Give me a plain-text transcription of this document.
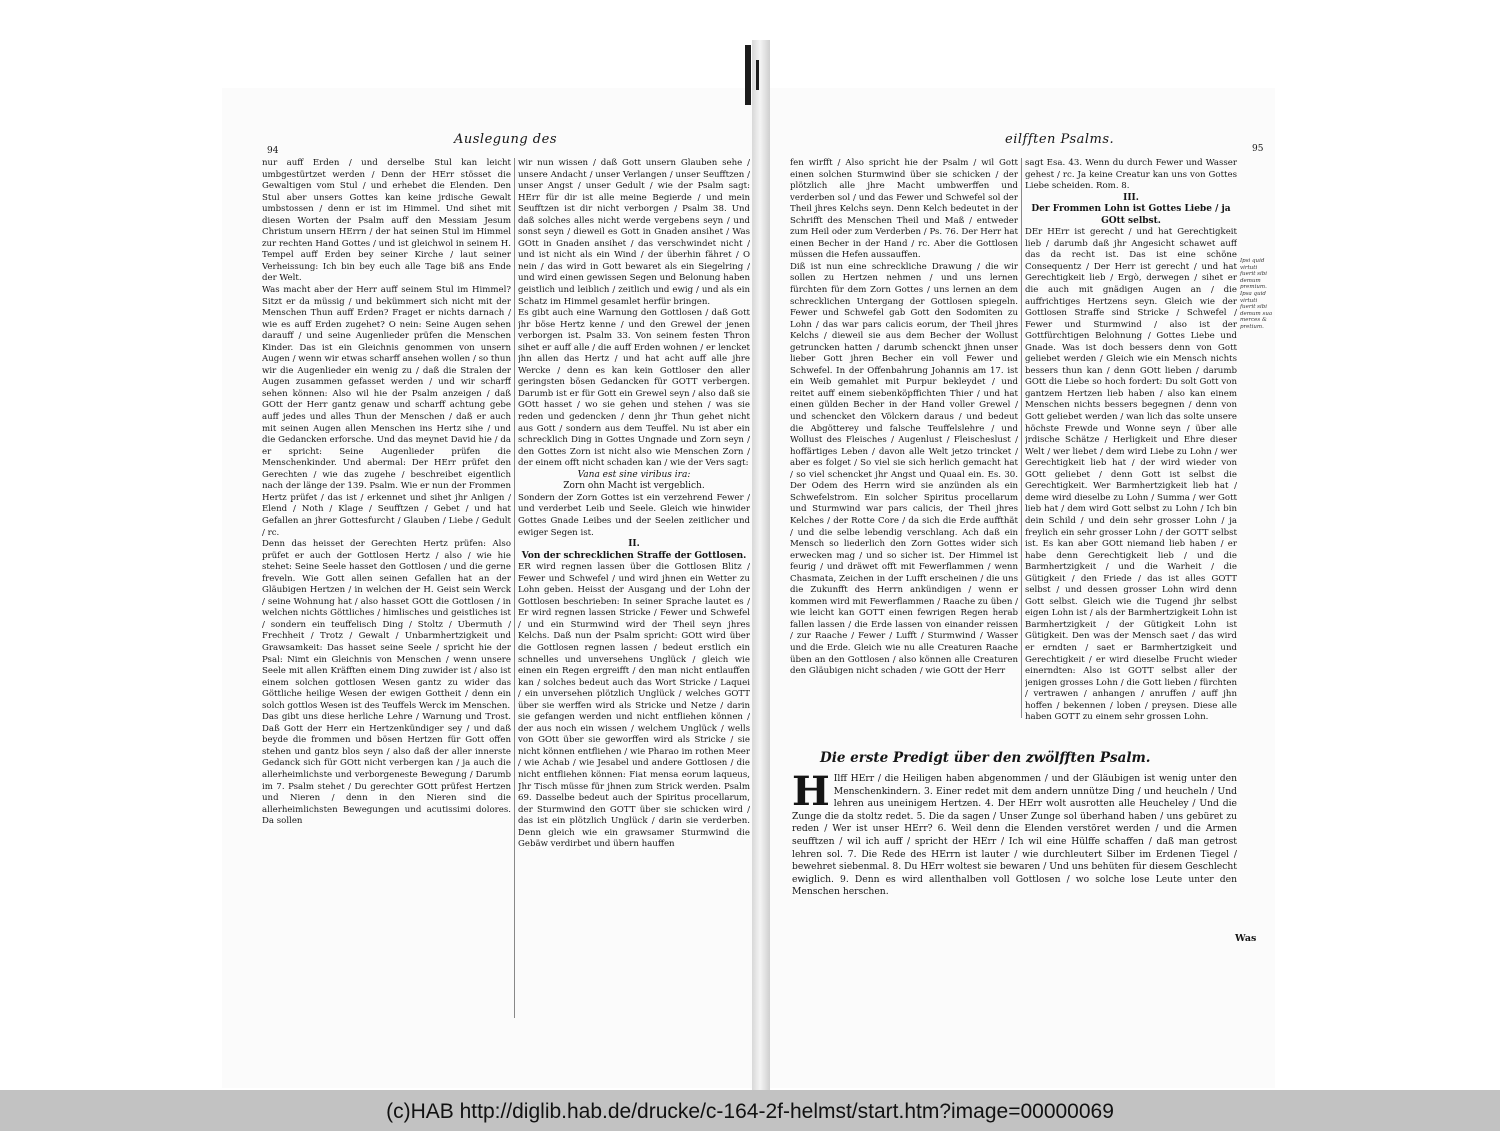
94
Auslegung des

nur auff Erden / und derselbe Stul kan leicht umbgestürtzet werden / Denn der HErr stösset die Gewaltigen vom Stul / und erhebet die Elenden. Den Stul aber unsers Gottes kan keine jrdische Gewalt umbstossen / denn er ist im Himmel. Und sihet mit diesen Worten der Psalm auff den Messiam Jesum Christum unsern HErrn / der hat seinen Stul im Himmel zur rechten Hand Gottes / und ist gleichwol in seinem H. Tempel auff Erden bey seiner Kirche / laut seiner Verheissung: Ich bin bey euch alle Tage biß ans Ende der Welt.

Was macht aber der Herr auff seinem Stul im Himmel? Sitzt er da müssig / und bekümmert sich nicht mit der Menschen Thun auff Erden? Fraget er nichts darnach / wie es auff Erden zugehet? O nein: Seine Augen sehen darauff / und seine Augenlieder prüfen die Menschen Kinder. Das ist ein Gleichnis genommen von unsern Augen / wenn wir etwas scharff ansehen wollen / so thun wir die Augenlieder ein wenig zu / daß die Stralen der Augen zusammen gefasset werden / und wir scharff sehen können: Also wil hie der Psalm anzeigen / daß GOtt der Herr gantz genaw und scharff achtung gebe auff jedes und alles Thun der Menschen / daß er auch mit seinen Augen allen Menschen ins Hertz sihe / und die Gedancken erforsche. Und das meynet David hie / da er spricht: Seine Augenlieder prüfen die Menschenkinder. Und abermal: Der HErr prüfet den Gerechten / wie das zugehe / beschreibet eigentlich nach der länge der 139. Psalm. Wie er nun der Frommen Hertz prüfet / das ist / erkennet und sihet jhr Anligen / Elend / Noth / Klage / Seufftzen / Gebet / und hat Gefallen an jhrer Gottesfurcht / Glauben / Liebe / Gedult / rc.

Denn das heisset der Gerechten Hertz prüfen: Also prüfet er auch der Gottlosen Hertz / also / wie hie stehet: Seine Seele hasset den Gottlosen / und die gerne freveln. Wie Gott allen seinen Gefallen hat an der Gläubigen Hertzen / in welchen der H. Geist sein Werck / seine Wohnung hat / also hasset GOtt die Gottlosen / in welchen nichts Göttliches / himlisches und geistliches ist / sondern ein teuffelisch Ding / Stoltz / Ubermuth / Frechheit / Trotz / Gewalt / Unbarmhertzigkeit und Grawsamkeit: Das hasset seine Seele / spricht hie der Psal: Nimt ein Gleichnis von Menschen / wenn unsere Seele mit allen Kräfften einem Ding zuwider ist / also ist einem solchen gottlosen Wesen gantz zu wider das Göttliche heilige Wesen der ewigen Gottheit / denn ein solch gottlos Wesen ist des Teuffels Werck im Menschen.

Das gibt uns diese herliche Lehre / Warnung und Trost. Daß Gott der Herr ein Hertzenkündiger sey / und daß beyde die frommen und bösen Hertzen für Gott offen stehen und gantz blos seyn / also daß der aller innerste Gedanck sich für GOtt nicht verbergen kan / ja auch die allerheimlichste und verborgeneste Bewegung / Darumb im 7. Psalm stehet / Du gerechter GOtt prüfest Hertzen und Nieren / denn in den Nieren sind die allerheimlichsten Bewegungen und acutissimi dolores. Da sollen

wir nun wissen / daß Gott unsern Glauben sehe / unsere Andacht / unser Verlangen / unser Seufftzen / unser Angst / unser Gedult / wie der Psalm sagt: HErr für dir ist alle meine Begierde / und mein Seufftzen ist dir nicht verborgen / Psalm 38. Und daß solches alles nicht werde vergebens seyn / und sonst seyn / dieweil es Gott in Gnaden ansihet / Was GOtt in Gnaden ansihet / das verschwindet nicht / und ist nicht als ein Wind / der überhin fähret / O nein / das wird in Gott bewaret als ein Siegelring / und wird einen gewissen Segen und Belonung haben geistlich und leiblich / zeitlich und ewig / und als ein Schatz im Himmel gesamlet herfür bringen.

Es gibt auch eine Warnung den Gottlosen / daß Gott jhr böse Hertz kenne / und den Grewel der jenen verborgen ist. Psalm 33. Von seinem festen Thron sihet er auff alle / die auff Erden wohnen / er lencket jhn allen das Hertz / und hat acht auff alle jhre Wercke / denn es kan kein Gottloser den aller geringsten bösen Gedancken für GOTT verbergen. Darumb ist er für Gott ein Grewel seyn / also daß sie GOtt hasset / wo sie gehen und stehen / was sie reden und gedencken / denn jhr Thun gehet nicht aus Gott / sondern aus dem Teuffel. Nu ist aber ein schrecklich Ding in Gottes Ungnade und Zorn seyn / den Gottes Zorn ist nicht also wie Menschen Zorn / der einem offt nicht schaden kan / wie der Vers sagt:

Vana est sine viribus ira:

Zorn ohn Macht ist vergeblich.

Sondern der Zorn Gottes ist ein verzehrend Fewer / und verderbet Leib und Seele. Gleich wie hinwider Gottes Gnade Leibes und der Seelen zeitlicher und ewiger Segen ist.

II.

Von der schrecklichen Straffe der Gottlosen.

ER wird regnen lassen über die Gottlosen Blitz / Fewer und Schwefel / und wird jhnen ein Wetter zu Lohn geben. Heisst der Ausgang und der Lohn der Gottlosen beschrieben: In seiner Sprache lautet es / Er wird regnen lassen Stricke / Fewer und Schwefel / und ein Sturmwind wird der Theil seyn jhres Kelchs. Daß nun der Psalm spricht: GOtt wird über die Gottlosen regnen lassen / bedeut erstlich ein schnelles und unversehens Unglück / gleich wie einen ein Regen ergreifft / den man nicht entlauffen kan / solches bedeut auch das Wort Stricke / Laquei / ein unversehen plötzlich Unglück / welches GOTT über sie werffen wird als Stricke und Netze / darin sie gefangen werden und nicht entfliehen können / der aus noch ein wissen / welchem Unglück / wells von GOtt über sie geworffen wird als Stricke / sie nicht können entfliehen / wie Pharao im rothen Meer / wie Achab / wie Jesabel und andere Gottlosen / die nicht entfliehen können: Fiat mensa eorum laqueus, Jhr Tisch müsse für jhnen zum Strick werden. Psalm 69. Dasselbe bedeut auch der Spiritus procellarum, der Sturmwind den GOTT über sie schicken wird / das ist ein plötzlich Unglück / darin sie verderben. Denn gleich wie ein grawsamer Sturmwind die Gebäw verdirbet und übern hauffen

eilfften Psalms.
95

fen wirfft / Also spricht hie der Psalm / wil Gott einen solchen Sturmwind über sie schicken / der plötzlich alle jhre Macht umbwerffen und verderben sol / und das Fewer und Schwefel sol der Theil jhres Kelchs seyn. Denn Kelch bedeutet in der Schrifft des Menschen Theil und Maß / entweder zum Heil oder zum Verderben / Ps. 76. Der Herr hat einen Becher in der Hand / rc. Aber die Gottlosen müssen die Hefen aussauffen.

Diß ist nun eine schreckliche Drawung / die wir sollen zu Hertzen nehmen / und uns lernen fürchten für dem Zorn Gottes / uns lernen an dem schrecklichen Untergang der Gottlosen spiegeln. Fewer und Schwefel gab Gott den Sodomiten zu Lohn / das war pars calicis eorum, der Theil jhres Kelchs / dieweil sie aus dem Becher der Wollust getruncken hatten / darumb schenckt jhnen unser lieber Gott jhren Becher ein voll Fewer und Schwefel. In der Offenbahrung Johannis am 17. ist ein Weib gemahlet mit Purpur bekleydet / und reitet auff einem siebenköpffichten Thier / und hat einen gülden Becher in der Hand voller Grewel / und schencket den Völckern daraus / und bedeut die Abgötterey und falsche Teuffelslehre / und Wollust des Fleisches / Augenlust / Fleischeslust / hoffärtiges Leben / davon alle Welt jetzo trincket / aber es folget / So viel sie sich herlich gemacht hat / so viel schencket jhr Angst und Quaal ein. Es. 30. Der Odem des Herrn wird sie anzünden als ein Schwefelstrom. Ein solcher Spiritus procellarum und Sturmwind war pars calicis, der Theil jhres Kelches / der Rotte Core / da sich die Erde auffthät / und die selbe lebendig verschlang. Ach daß ein Mensch so liederlich den Zorn Gottes wider sich erwecken mag / und so sicher ist. Der Himmel ist feurig / und dräwet offt mit Fewerflammen / wenn Chasmata, Zeichen in der Lufft erscheinen / die uns die Zukunfft des Herrn ankündigen / wenn er kommen wird mit Fewerflammen / Raache zu üben / wie leicht kan GOTT einen fewrigen Regen herab fallen lassen / die Erde lassen von einander reissen / zur Raache / Fewer / Lufft / Sturmwind / Wasser und die Erde. Gleich wie nu alle Creaturen Raache üben an den Gottlosen / also können alle Creaturen den Gläubigen nicht schaden / wie GOtt der Herr

sagt Esa. 43. Wenn du durch Fewer und Wasser gehest / rc. Ja keine Creatur kan uns von Gottes Liebe scheiden. Rom. 8.

III.

Der Frommen Lohn ist Gottes Liebe / ja GOtt selbst.

DEr HErr ist gerecht / und hat Gerechtigkeit lieb / darumb daß jhr Angesicht schawet auff das da recht ist. Das ist eine schöne Consequentz / Der Herr ist gerecht / und hat Gerechtigkeit lieb / Ergò, derwegen / sihet er die auch mit gnädigen Augen an / die auffrichtiges Hertzens seyn. Gleich wie der Gottlosen Straffe sind Stricke / Schwefel / Fewer und Sturmwind / also ist der Gottfürchtigen Belohnung / Gottes Liebe und Gnade. Was ist doch bessers denn von Gott geliebet werden / Gleich wie ein Mensch nichts bessers thun kan / denn GOtt lieben / darumb GOtt die Liebe so hoch fordert: Du solt Gott von gantzem Hertzen lieb haben / also kan einem Menschen nichts bessers begegnen / denn von Gott geliebet werden / wan lich das solte unsere höchste Frewde und Wonne seyn / über alle jrdische Schätze / Herligkeit und Ehre dieser Welt / wer liebet / dem wird Liebe zu Lohn / wer Gerechtigkeit lieb hat / der wird wieder von GOtt geliebet / denn Gott ist selbst die Gerechtigkeit. Wer Barmhertzigkeit lieb hat / deme wird dieselbe zu Lohn / Summa / wer Gott lieb hat / dem wird Gott selbst zu Lohn / Ich bin dein Schild / und dein sehr grosser Lohn / ja freylich ein sehr grosser Lohn / der GOTT selbst ist. Es kan aber GOtt niemand lieb haben / er habe denn Gerechtigkeit lieb / und die Barmhertzigkeit / und die Warheit / die Gütigkeit / den Friede / das ist alles GOTT selbst / und dessen grosser Lohn wird denn Gott selbst. Gleich wie die Tugend jhr selbst eigen Lohn ist / als der Barmhertzigkeit Lohn ist Barmhertzigkeit / der Gütigkeit Lohn ist Gütigkeit. Den was der Mensch saet / das wird er erndten / saet er Barmhertzigkeit und Gerechtigkeit / er wird dieselbe Frucht wieder einerndten: Also ist GOTT selbst aller der jenigen grosses Lohn / die Gott lieben / fürchten / vertrawen / anhangen / anruffen / auff jhn hoffen / bekennen / loben / preysen. Diese alle haben GOTT zu einem sehr grossen Lohn.

Ipsi quid virtuti fuerit sibi demum premium.
Ipsa quid virtuti fuerit sibi demum sua merces & pretium.
Die erste Predigt über den zwölfften Psalm.
H Ilff HErr / die Heiligen haben abgenommen / und der Gläubigen ist wenig unter den Menschenkindern. 3. Einer redet mit dem andern unnütze Ding / und heucheln / Und lehren aus uneinigem Hertzen. 4. Der HErr wolt ausrotten alle Heucheley / Und die Zunge die da stoltz redet. 5. Die da sagen / Unser Zunge sol überhand haben / uns gebüret zu reden / Wer ist unser HErr? 6. Weil denn die Elenden verstöret werden / und die Armen seufftzen / wil ich auff / spricht der HErr / Ich wil eine Hülffe schaffen / daß man getrost lehren sol. 7. Die Rede des HErrn ist lauter / wie durchleutert Silber im Erdenen Tiegel / bewehret siebenmal. 8. Du HErr woltest sie bewaren / Und uns behüten für diesem Geschlecht ewiglich. 9. Denn es wird allenthalben voll Gottlosen / wo solche lose Leute unter den Menschen herschen.
Was
(c)HAB http://diglib.hab.de/drucke/c-164-2f-helmst/start.htm?image=00000069
